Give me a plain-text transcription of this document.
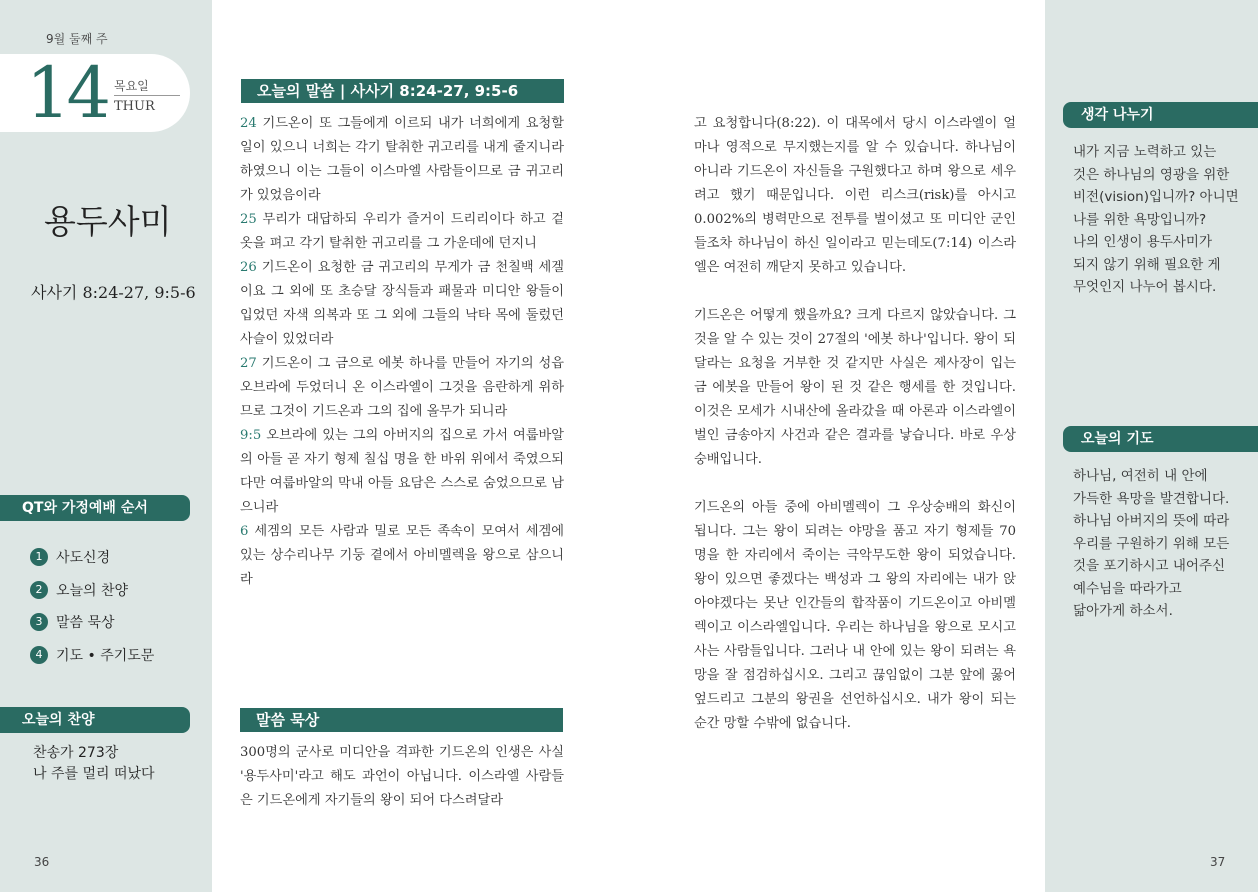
9월 둘째 주
14 목요일
THUR
용두사미
사사기 8:24-27, 9:5-6
QT와 가정예배 순서
1 사도신경
2 오늘의 찬양
3 말씀 묵상
4 기도 • 주기도문
오늘의 찬양
찬송가 273장
나 주를 멀리 떠났다
36
오늘의 말씀 | 사사기 8:24-27, 9:5-6
24 기드온이 또 그들에게 이르되 내가 너희에게 요청할 일이 있으니 너희는 각기 탈취한 귀고리를 내게 줄지니라 하였으니 이는 그들이 이스마엘 사람들이므로 금 귀고리가 있었음이라
25 무리가 대답하되 우리가 즐거이 드리리이다 하고 겉옷을 펴고 각기 탈취한 귀고리를 그 가운데에 던지니
26 기드온이 요청한 금 귀고리의 무게가 금 천칠백 세겔이요 그 외에 또 초승달 장식들과 패물과 미디안 왕들이 입었던 자색 의복과 또 그 외에 그들의 낙타 목에 둘렀던 사슬이 있었더라
27 기드온이 그 금으로 에봇 하나를 만들어 자기의 성읍 오브라에 두었더니 온 이스라엘이 그것을 음란하게 위하므로 그것이 기드온과 그의 집에 올무가 되니라
9:5 오브라에 있는 그의 아버지의 집으로 가서 여룹바알의 아들 곧 자기 형제 칠십 명을 한 바위 위에서 죽였으되 다만 여룹바알의 막내 아들 요담은 스스로 숨었으므로 남으니라
6 세겜의 모든 사람과 밀로 모든 족속이 모여서 세겜에 있는 상수리나무 기둥 곁에서 아비멜렉을 왕으로 삼으니라
말씀 묵상
300명의 군사로 미디안을 격파한 기드온의 인생은 사실 '용두사미'라고 해도 과언이 아닙니다. 이스라엘 사람들은 기드온에게 자기들의 왕이 되어 다스려달라

고 요청합니다(8:22). 이 대목에서 당시 이스라엘이 얼마나 영적으로 무지했는지를 알 수 있습니다. 하나님이 아니라 기드온이 자신들을 구원했다고 하며 왕으로 세우려고 했기 때문입니다. 이런 리스크(risk)를 아시고 0.002%의 병력만으로 전투를 벌이셨고 또 미디안 군인들조차 하나님이 하신 일이라고 믿는데도(7:14) 이스라엘은 여전히 깨닫지 못하고 있습니다.

기드온은 어떻게 했을까요? 크게 다르지 않았습니다. 그것을 알 수 있는 것이 27절의 '에봇 하나'입니다. 왕이 되달라는 요청을 거부한 것 같지만 사실은 제사장이 입는 금 에봇을 만들어 왕이 된 것 같은 행세를 한 것입니다. 이것은 모세가 시내산에 올라갔을 때 아론과 이스라엘이 벌인 금송아지 사건과 같은 결과를 낳습니다. 바로 우상숭배입니다.

기드온의 아들 중에 아비멜렉이 그 우상숭배의 화신이 됩니다. 그는 왕이 되려는 야망을 품고 자기 형제들 70명을 한 자리에서 죽이는 극악무도한 왕이 되었습니다. 왕이 있으면 좋겠다는 백성과 그 왕의 자리에는 내가 앉아야겠다는 못난 인간들의 합작품이 기드온이고 아비멜렉이고 이스라엘입니다. 우리는 하나님을 왕으로 모시고 사는 사람들입니다. 그러나 내 안에 있는 왕이 되려는 욕망을 잘 점검하십시오. 그리고 끊임없이 그분 앞에 꿇어 엎드리고 그분의 왕권을 선언하십시오. 내가 왕이 되는 순간 망할 수밖에 없습니다.

생각 나누기
내가 지금 노력하고 있는
것은 하나님의 영광을 위한
비전(vision)입니까? 아니면
나를 위한 욕망입니까?
나의 인생이 용두사미가
되지 않기 위해 필요한 게
무엇인지 나누어 봅시다.
오늘의 기도
하나님, 여전히 내 안에
가득한 욕망을 발견합니다.
하나님 아버지의 뜻에 따라
우리를 구원하기 위해 모든
것을 포기하시고 내어주신
예수님을 따라가고
닮아가게 하소서.
37
